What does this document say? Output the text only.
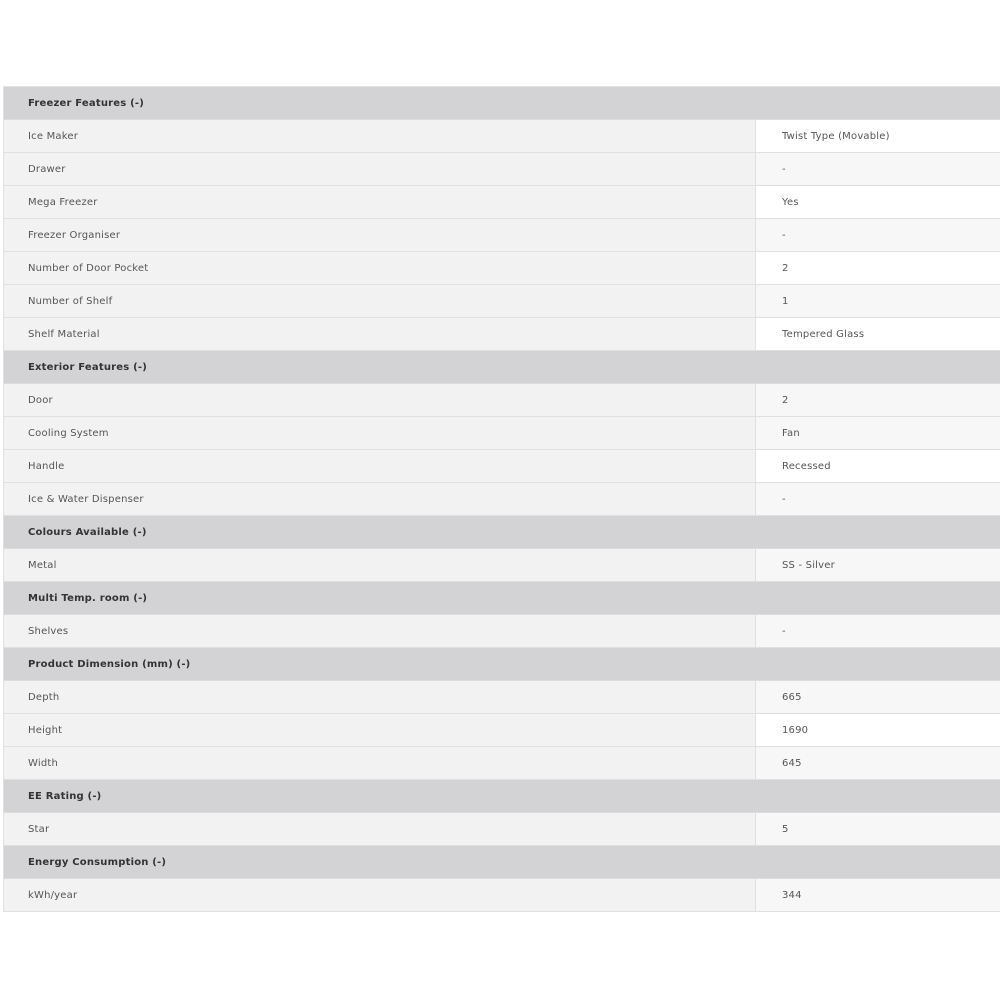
Freezer Features (-)
Ice Maker	Twist Type (Movable)
Drawer	-
Mega Freezer	Yes
Freezer Organiser	-
Number of Door Pocket	2
Number of Shelf	1
Shelf Material	Tempered Glass
Exterior Features (-)
Door	2
Cooling System	Fan
Handle	Recessed
Ice & Water Dispenser	-
Colours Available (-)
Metal	SS - Silver
Multi Temp. room (-)
Shelves	-
Product Dimension (mm) (-)
Depth	665
Height	1690
Width	645
EE Rating (-)
Star	5
Energy Consumption (-)
kWh/year	344
